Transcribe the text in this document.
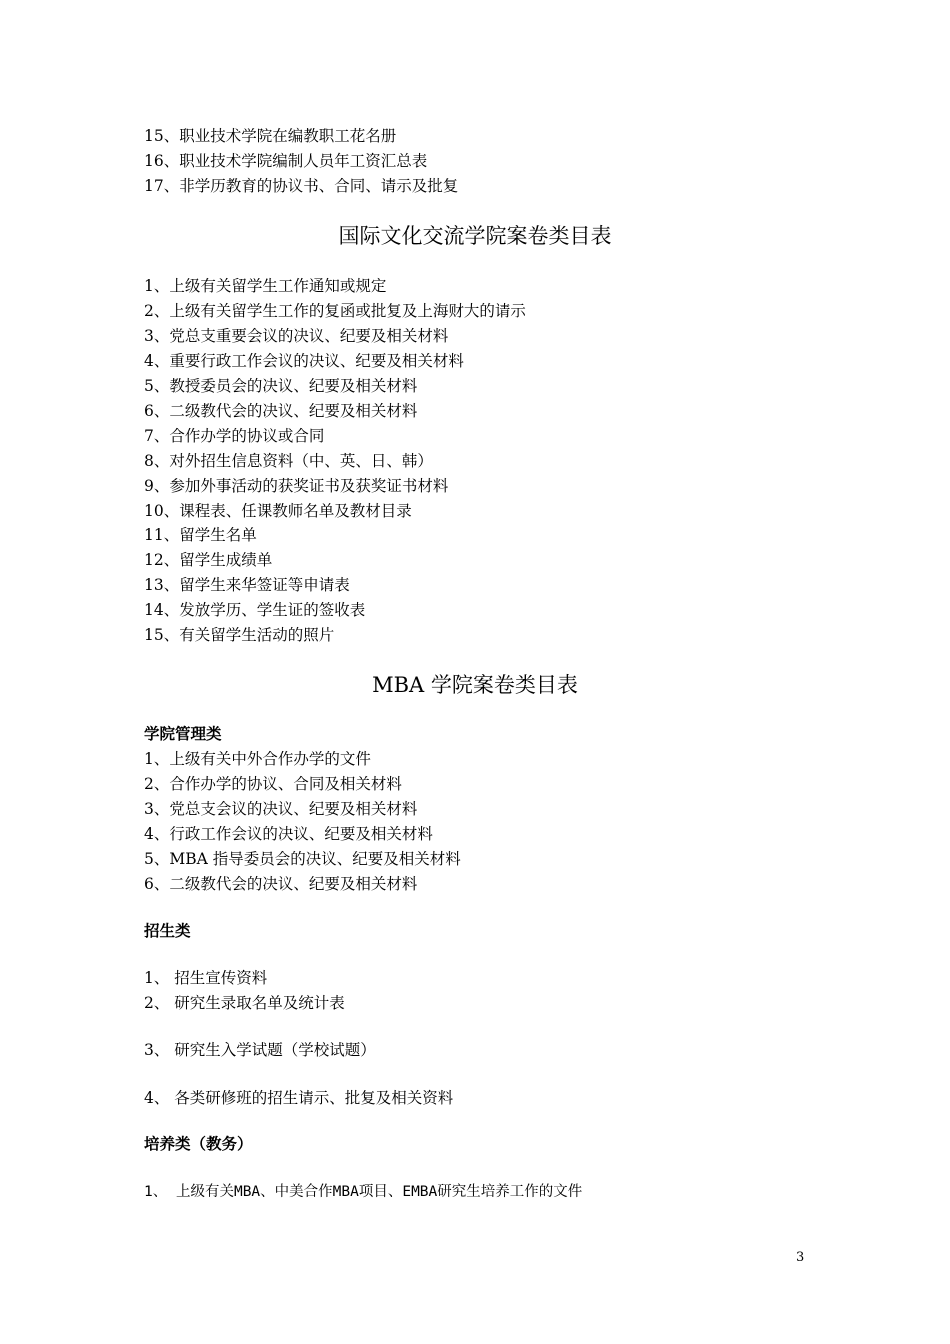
15、职业技术学院在编教职工花名册
16、职业技术学院编制人员年工资汇总表
17、非学历教育的协议书、合同、请示及批复
国际文化交流学院案卷类目表
1、上级有关留学生工作通知或规定
2、上级有关留学生工作的复函或批复及上海财大的请示
3、党总支重要会议的决议、纪要及相关材料
4、重要行政工作会议的决议、纪要及相关材料
5、教授委员会的决议、纪要及相关材料
6、二级教代会的决议、纪要及相关材料
7、合作办学的协议或合同
8、对外招生信息资料（中、英、日、韩）
9、参加外事活动的获奖证书及获奖证书材料
10、课程表、任课教师名单及教材目录
11、留学生名单
12、留学生成绩单
13、留学生来华签证等申请表
14、发放学历、学生证的签收表
15、有关留学生活动的照片
MBA 学院案卷类目表
学院管理类
1、上级有关中外合作办学的文件
2、合作办学的协议、合同及相关材料
3、党总支会议的决议、纪要及相关材料
4、行政工作会议的决议、纪要及相关材料
5、MBA 指导委员会的决议、纪要及相关材料
6、二级教代会的决议、纪要及相关材料
招生类
1、 招生宣传资料
2、 研究生录取名单及统计表
3、 研究生入学试题（学校试题）
4、 各类研修班的招生请示、批复及相关资料
培养类（教务）
1、 上级有关MBA、中美合作MBA项目、EMBA研究生培养工作的文件
3
